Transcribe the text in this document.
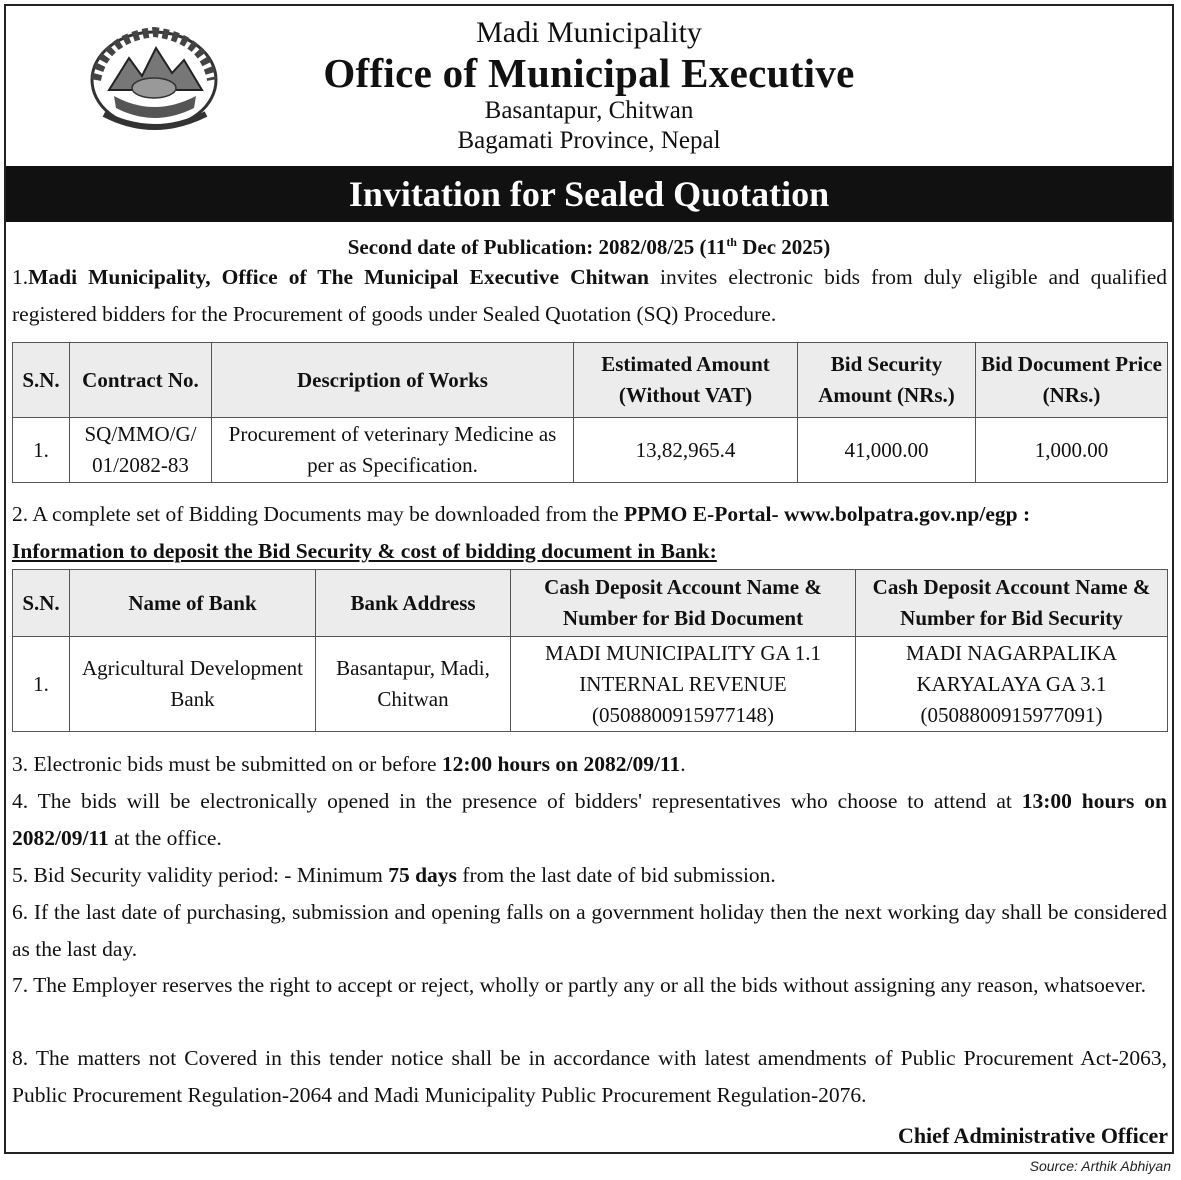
Madi Municipality
Office of Municipal Executive
Basantapur, Chitwan
Bagamati Province, Nepal
Invitation for Sealed Quotation
Second date of Publication: 2082/08/25 (11th Dec 2025)
1.Madi Municipality, Office of The Municipal Executive Chitwan invites electronic bids from duly eligible and qualified registered bidders for the Procurement of goods under Sealed Quotation (SQ) Procedure.
S.N.	Contract No.	Description of Works	Estimated Amount (Without VAT)	Bid Security Amount (NRs.)	Bid Document Price (NRs.)
1.	SQ/MMO/G/ 01/2082-83	Procurement of veterinary Medicine as per as Specification.	13,82,965.4	41,000.00	1,000.00
2. A complete set of Bidding Documents may be downloaded from the PPMO E-Portal- www.bolpatra.gov.np/egp :
Information to deposit the Bid Security & cost of bidding document in Bank:
S.N.	Name of Bank	Bank Address	Cash Deposit Account Name & Number for Bid Document	Cash Deposit Account Name & Number for Bid Security
1.	Agricultural Development Bank	Basantapur, Madi, Chitwan	MADI MUNICIPALITY GA 1.1 INTERNAL REVENUE (0508800915977148)	MADI NAGARPALIKA KARYALAYA GA 3.1 (0508800915977091)
3. Electronic bids must be submitted on or before 12:00 hours on 2082/09/11.
4. The bids will be electronically opened in the presence of bidders' representatives who choose to attend at 13:00 hours on 2082/09/11 at the office.
5. Bid Security validity period: - Minimum 75 days from the last date of bid submission.
6. If the last date of purchasing, submission and opening falls on a government holiday then the next working day shall be considered as the last day.
7. The Employer reserves the right to accept or reject, wholly or partly any or all the bids without assigning any reason, whatsoever.
8. The matters not Covered in this tender notice shall be in accordance with latest amendments of Public Procurement Act-2063, Public Procurement Regulation-2064 and Madi Municipality Public Procurement Regulation-2076.
Chief Administrative Officer
Source: Arthik Abhiyan
